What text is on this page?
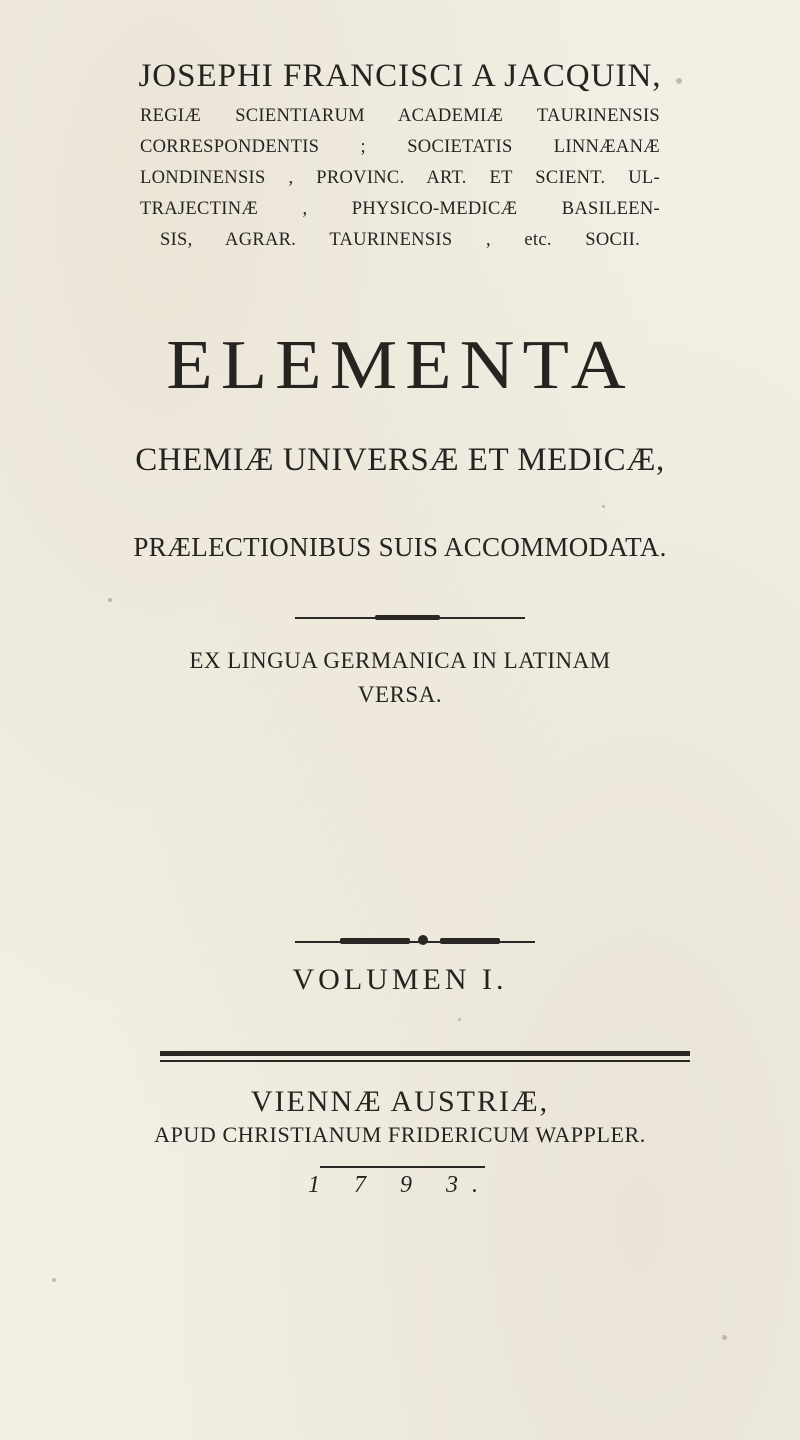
JOSEPHI FRANCISCI A JACQUIN,
REGIÆ SCIENTIARUM ACADEMIÆ TAURINENSIS
CORRESPONDENTIS ; SOCIETATIS LINNÆANÆ
LONDINENSIS , PROVINC. ART. ET SCIENT. UL-
TRAJECTINÆ , PHYSICO-MEDICÆ BASILEEN-
SIS, AGRAR. TAURINENSIS , etc. SOCII.
ELEMENTA
CHEMIÆ UNIVERSÆ ET MEDICÆ,
PRÆLECTIONIBUS SUIS ACCOMMODATA.
EX LINGUA GERMANICA IN LATINAM
VERSA.
VOLUMEN I.
VIENNÆ AUSTRIÆ,
APUD CHRISTIANUM FRIDERICUM WAPPLER.
1 7 9 3.
